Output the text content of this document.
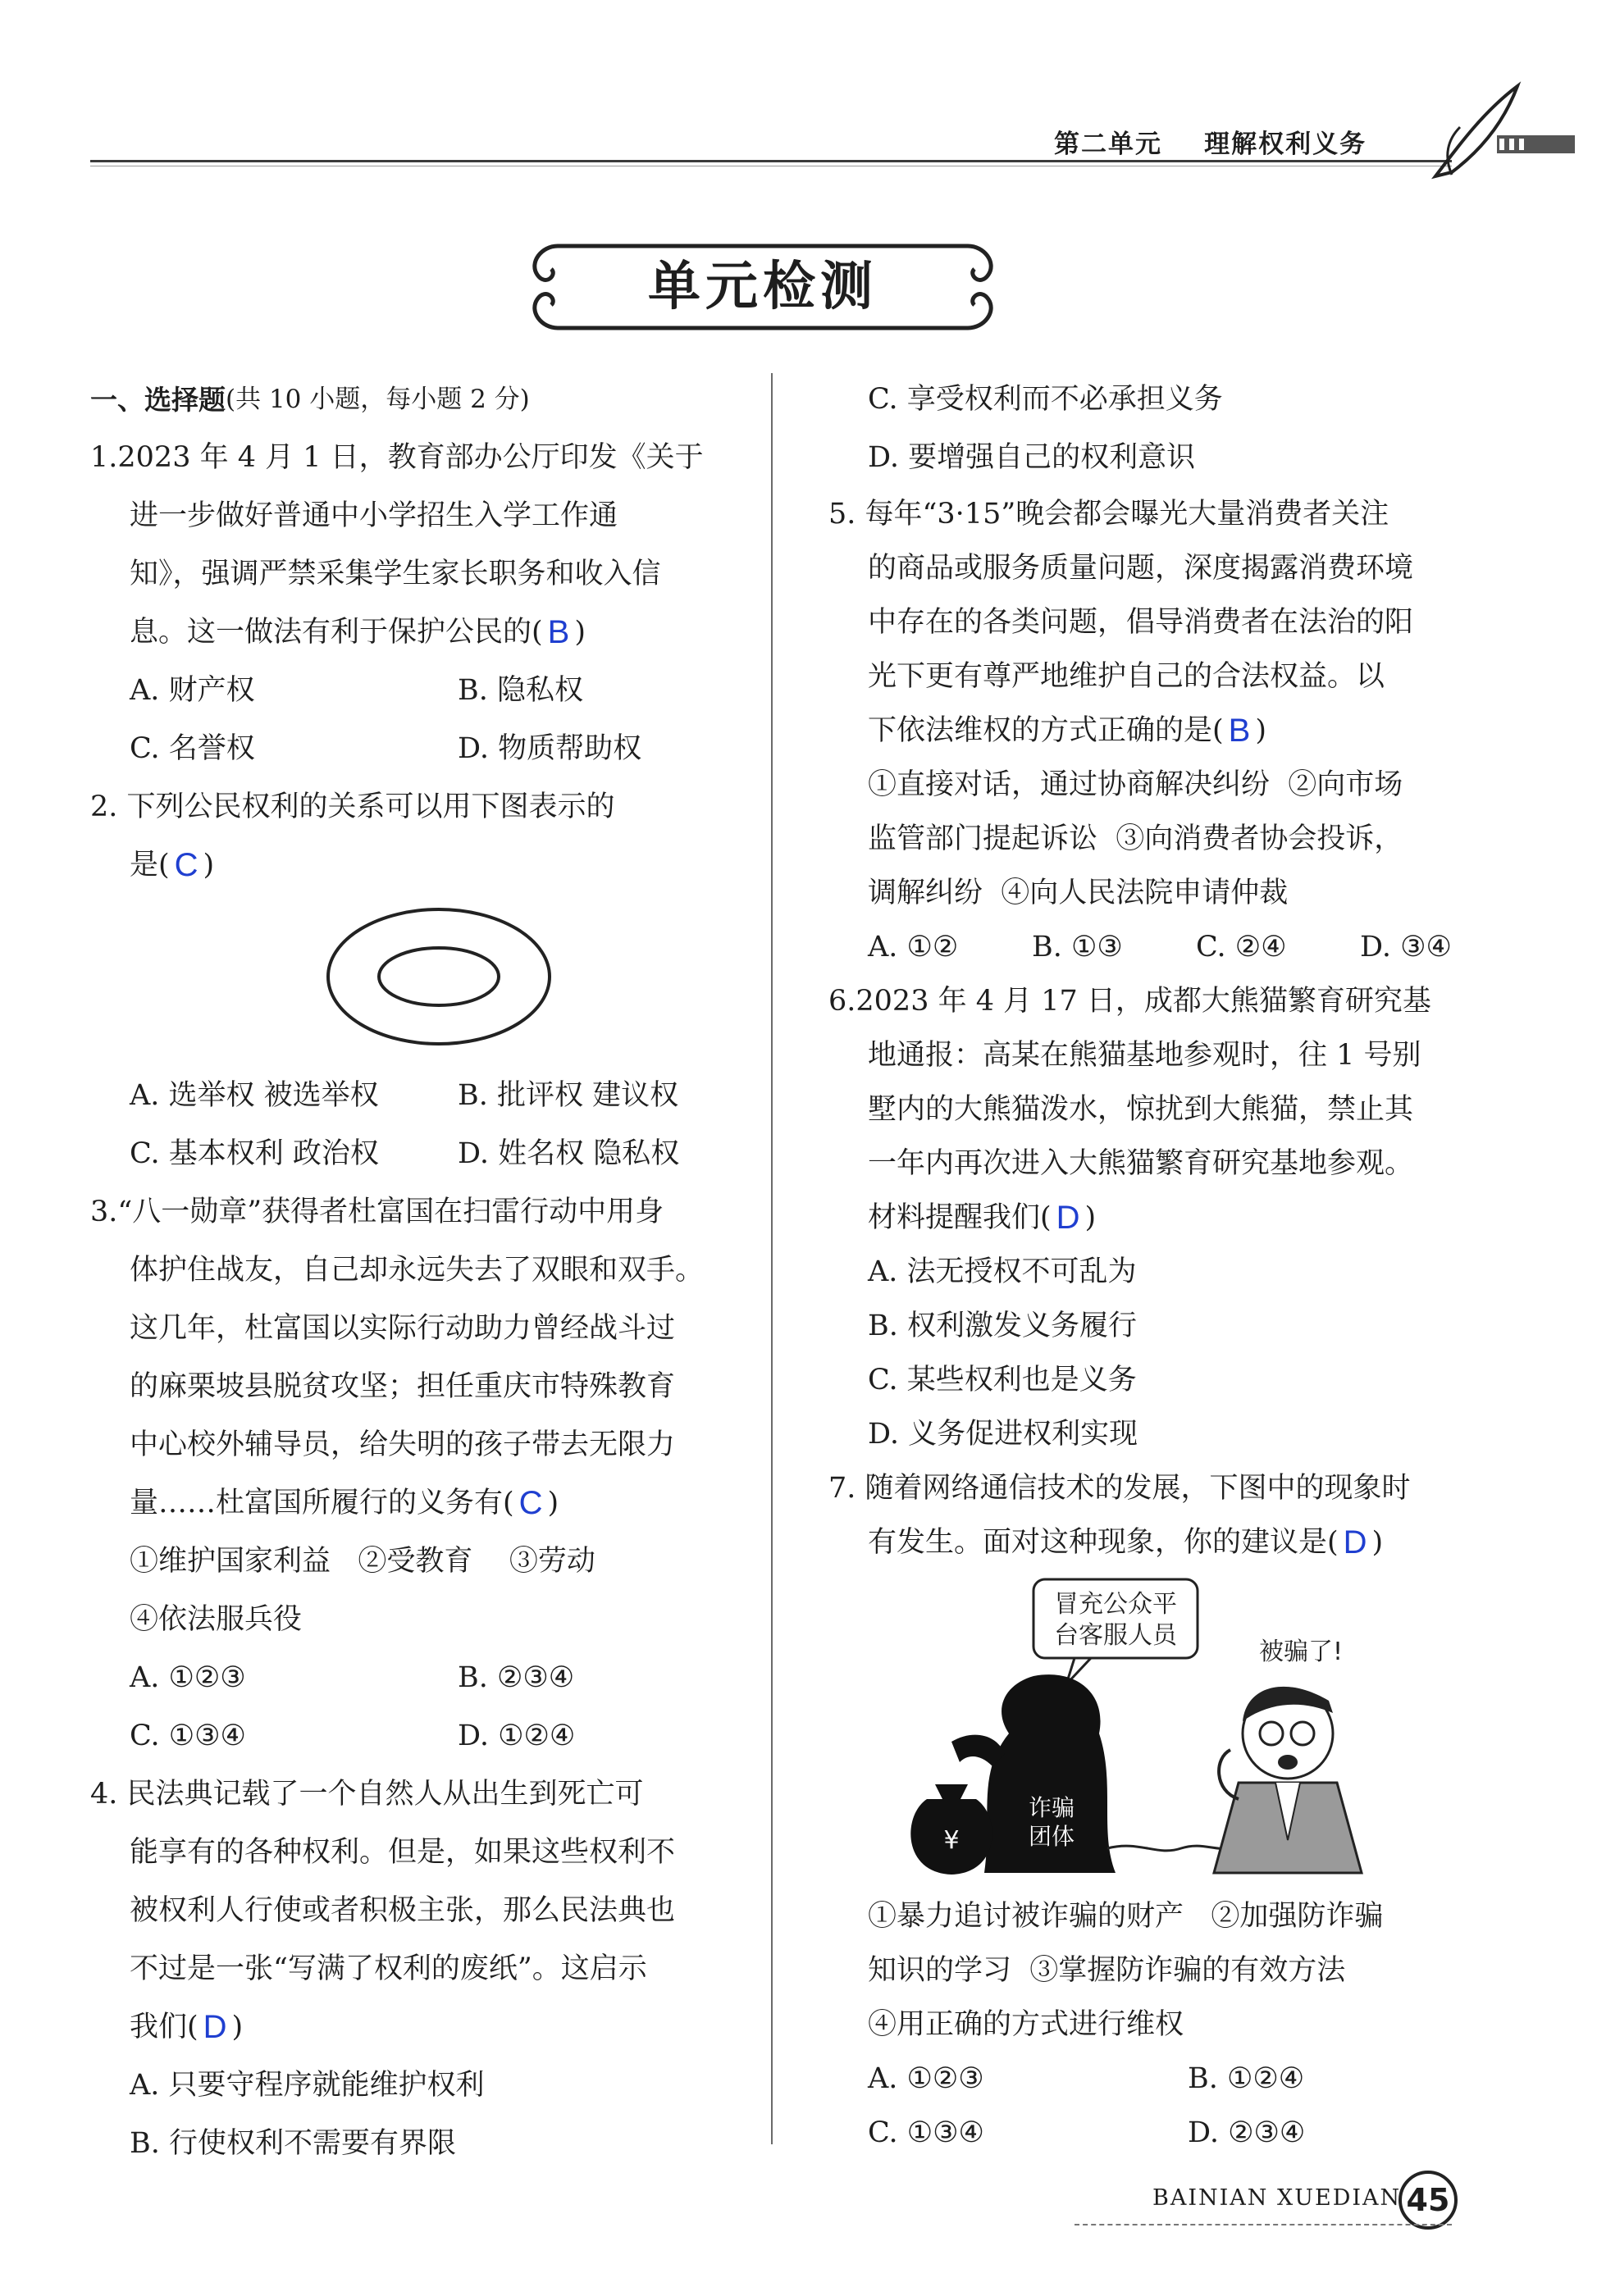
第二单元 理解权利义务
单元检测
一、选择题 (共 10 小题，每小题 2 分)
1.2023 年 4 月 1 日，教育部办公厅印发《关于
进一步做好普通中小学招生入学工作通
知》，强调严禁采集学生家长职务和收入信
息。这一做法有利于保护公民的( B )
A. 财产权	B. 隐私权
C. 名誉权	D. 物质帮助权
2. 下列公民权利的关系可以用下图表示的
是( C )
A. 选举权 被选举权	B. 批评权 建议权
C. 基本权利 政治权	D. 姓名权 隐私权
3.“八一勋章”获得者杜富国在扫雷行动中用身
体护住战友，自己却永远失去了双眼和双手。
这几年，杜富国以实际行动助力曾经战斗过
的麻栗坡县脱贫攻坚；担任重庆市特殊教育
中心校外辅导员，给失明的孩子带去无限力
量……杜富国所履行的义务有( C )
①维护国家利益   ②受教育    ③劳动
④依法服兵役
A. ①②③	B. ②③④
C. ①③④	D. ①②④
4. 民法典记载了一个自然人从出生到死亡可
能享有的各种权利。但是，如果这些权利不
被权利人行使或者积极主张，那么民法典也
不过是一张“写满了权利的废纸”。这启示
我们( D )
A. 只要守程序就能维护权利
B. 行使权利不需要有界限
C. 享受权利而不必承担义务
D. 要增强自己的权利意识
5. 每年“3·15”晚会都会曝光大量消费者关注
的商品或服务质量问题，深度揭露消费环境
中存在的各类问题，倡导消费者在法治的阳
光下更有尊严地维护自己的合法权益。以
下依法维权的方式正确的是( B )
①直接对话，通过协商解决纠纷  ②向市场
监管部门提起诉讼  ③向消费者协会投诉，
调解纠纷  ④向人民法院申请仲裁
A. ①②	B. ①③	C. ②④	D. ③④
6.2023 年 4 月 17 日，成都大熊猫繁育研究基
地通报：高某在熊猫基地参观时，往 1 号别
墅内的大熊猫泼水，惊扰到大熊猫，禁止其
一年内再次进入大熊猫繁育研究基地参观。
材料提醒我们( D )
A. 法无授权不可乱为
B. 权利激发义务履行
C. 某些权利也是义务
D. 义务促进权利实现
7. 随着网络通信技术的发展，下图中的现象时
有发生。面对这种现象，你的建议是( D )
冒充公众平
台客服人员
被骗了!
诈骗
团体
¥
①暴力追讨被诈骗的财产   ②加强防诈骗
知识的学习  ③掌握防诈骗的有效方法
④用正确的方式进行维权
A. ①②③	B. ①②④
C. ①③④	D. ②③④
BAINIAN XUEDIAN 45
